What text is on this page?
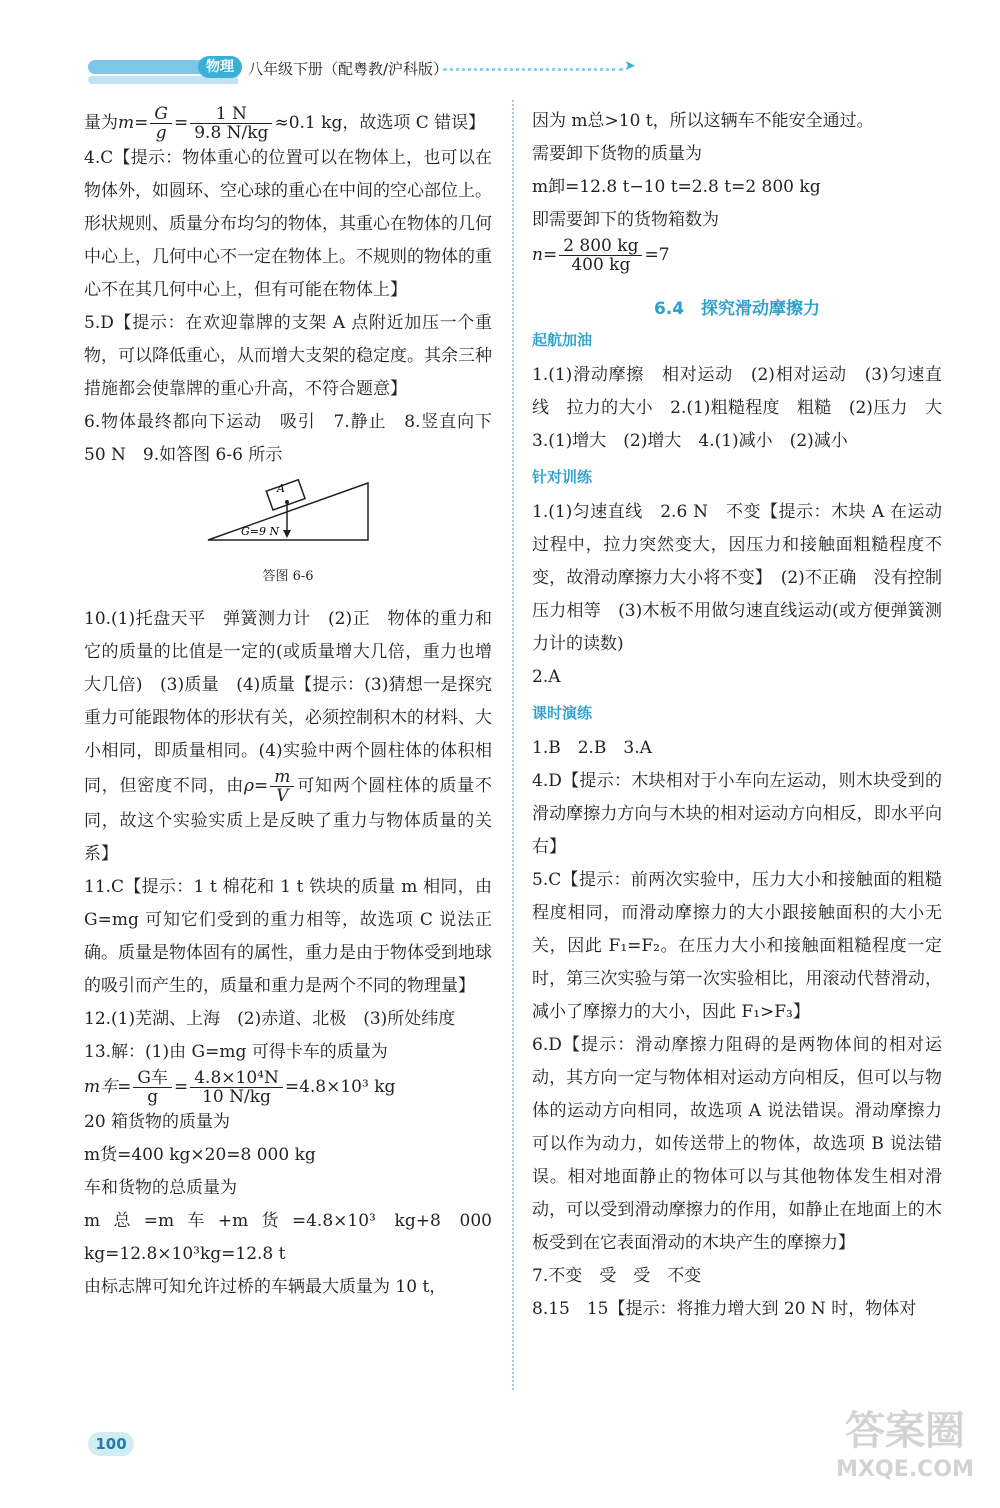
物理 八年级下册（配粤教/沪科版）	➤

量为$m= \frac{G}{g} = \frac{1 N}{9.8 N/kg} \approx 0.1$ kg，故选项 C 错误】

4.C【提示：物体重心的位置可以在物体上，也可以在物体外，如圆环、空心球的重心在中间的空心部位上。形状规则、质量分布均匀的物体，其重心在物体的几何中心上，几何中心不一定在物体上。不规则的物体的重心不在其几何中心上，但有可能在物体上】

5.D【提示：在欢迎靠牌的支架 A 点附近加压一个重物，可以降低重心，从而增大支架的稳定度。其余三种措施都会使靠牌的重心升高，不符合题意】

6.物体最终都向下运动　吸引　7.静止　8.竖直向下　50 N　9.如答图 6-6 所示

A
G=9 N
答图 6-6

10.(1)托盘天平　弹簧测力计　(2)正　物体的重力和它的质量的比值是一定的(或质量增大几倍，重力也增大几倍)　(3)质量　(4)质量【提示：(3)猜想一是探究重力可能跟物体的形状有关，必须控制积木的材料、大小相同，即质量相同。(4)实验中两个圆柱体的体积相同，但密度不同，由$\rho= \frac{m}{V}$ 可知两个圆柱体的质量不同，故这个实验实质上是反映了重力与物体质量的关系】

11.C【提示：1 t 棉花和 1 t 铁块的质量 m 相同，由 G=mg 可知它们受到的重力相等，故选项 C 说法正确。质量是物体固有的属性，重力是由于物体受到地球的吸引而产生的，质量和重力是两个不同的物理量】

12.(1)芜湖、上海　(2)赤道、北极　(3)所处纬度

13.解：(1)由 G=mg 可得卡车的质量为

m车= $\frac{\text{G车}}{g} = \frac{\text{4.8×10⁴N}}{10 N/kg} =4.8\times 10^3$ kg

20 箱货物的质量为

m货=400 kg×20=8 000 kg

车和货物的总质量为

m总=m车+m货=4.8×10³ kg+8 000 kg=12.8×10³kg=12.8 t

由标志牌可知允许过桥的车辆最大质量为 10 t，

因为 m总>10 t，所以这辆车不能安全通过。

需要卸下货物的质量为

m卸=12.8 t−10 t=2.8 t=2 800 kg

即需要卸下的货物箱数为

$n= \frac{2 800 kg}{400 kg} =7$

6.4　探究滑动摩擦力
起航加油

1.(1)滑动摩擦　相对运动　(2)相对运动　(3)匀速直线　拉力的大小　2.(1)粗糙程度　粗糙　(2)压力　大　3.(1)增大　(2)增大　4.(1)减小　(2)减小

针对训练

1.(1)匀速直线　2.6 N　不变【提示：木块 A 在运动过程中，拉力突然变大，因压力和接触面粗糙程度不变，故滑动摩擦力大小将不变】　(2)不正确　没有控制压力相等　(3)木板不用做匀速直线运动(或方便弹簧测力计的读数)

2.A

课时演练

1.B　2.B　3.A

4.D【提示：木块相对于小车向左运动，则木块受到的滑动摩擦力方向与木块的相对运动方向相反，即水平向右】

5.C【提示：前两次实验中，压力大小和接触面的粗糙程度相同，而滑动摩擦力的大小跟接触面积的大小无关，因此 F₁=F₂。在压力大小和接触面粗糙程度一定时，第三次实验与第一次实验相比，用滚动代替滑动，减小了摩擦力的大小，因此 F₁>F₃】

6.D【提示：滑动摩擦力阻碍的是两物体间的相对运动，其方向一定与物体相对运动方向相反，但可以与物体的运动方向相同，故选项 A 说法错误。滑动摩擦力可以作为动力，如传送带上的物体，故选项 B 说法错误。相对地面静止的物体可以与其他物体发生相对滑动，可以受到滑动摩擦力的作用，如静止在地面上的木板受到在它表面滑动的木块产生的摩擦力】

7.不变　受　受　不变

8.15　15【提示：将推力增大到 20 N 时，物体对

100	答案圈
MXQE.COM
